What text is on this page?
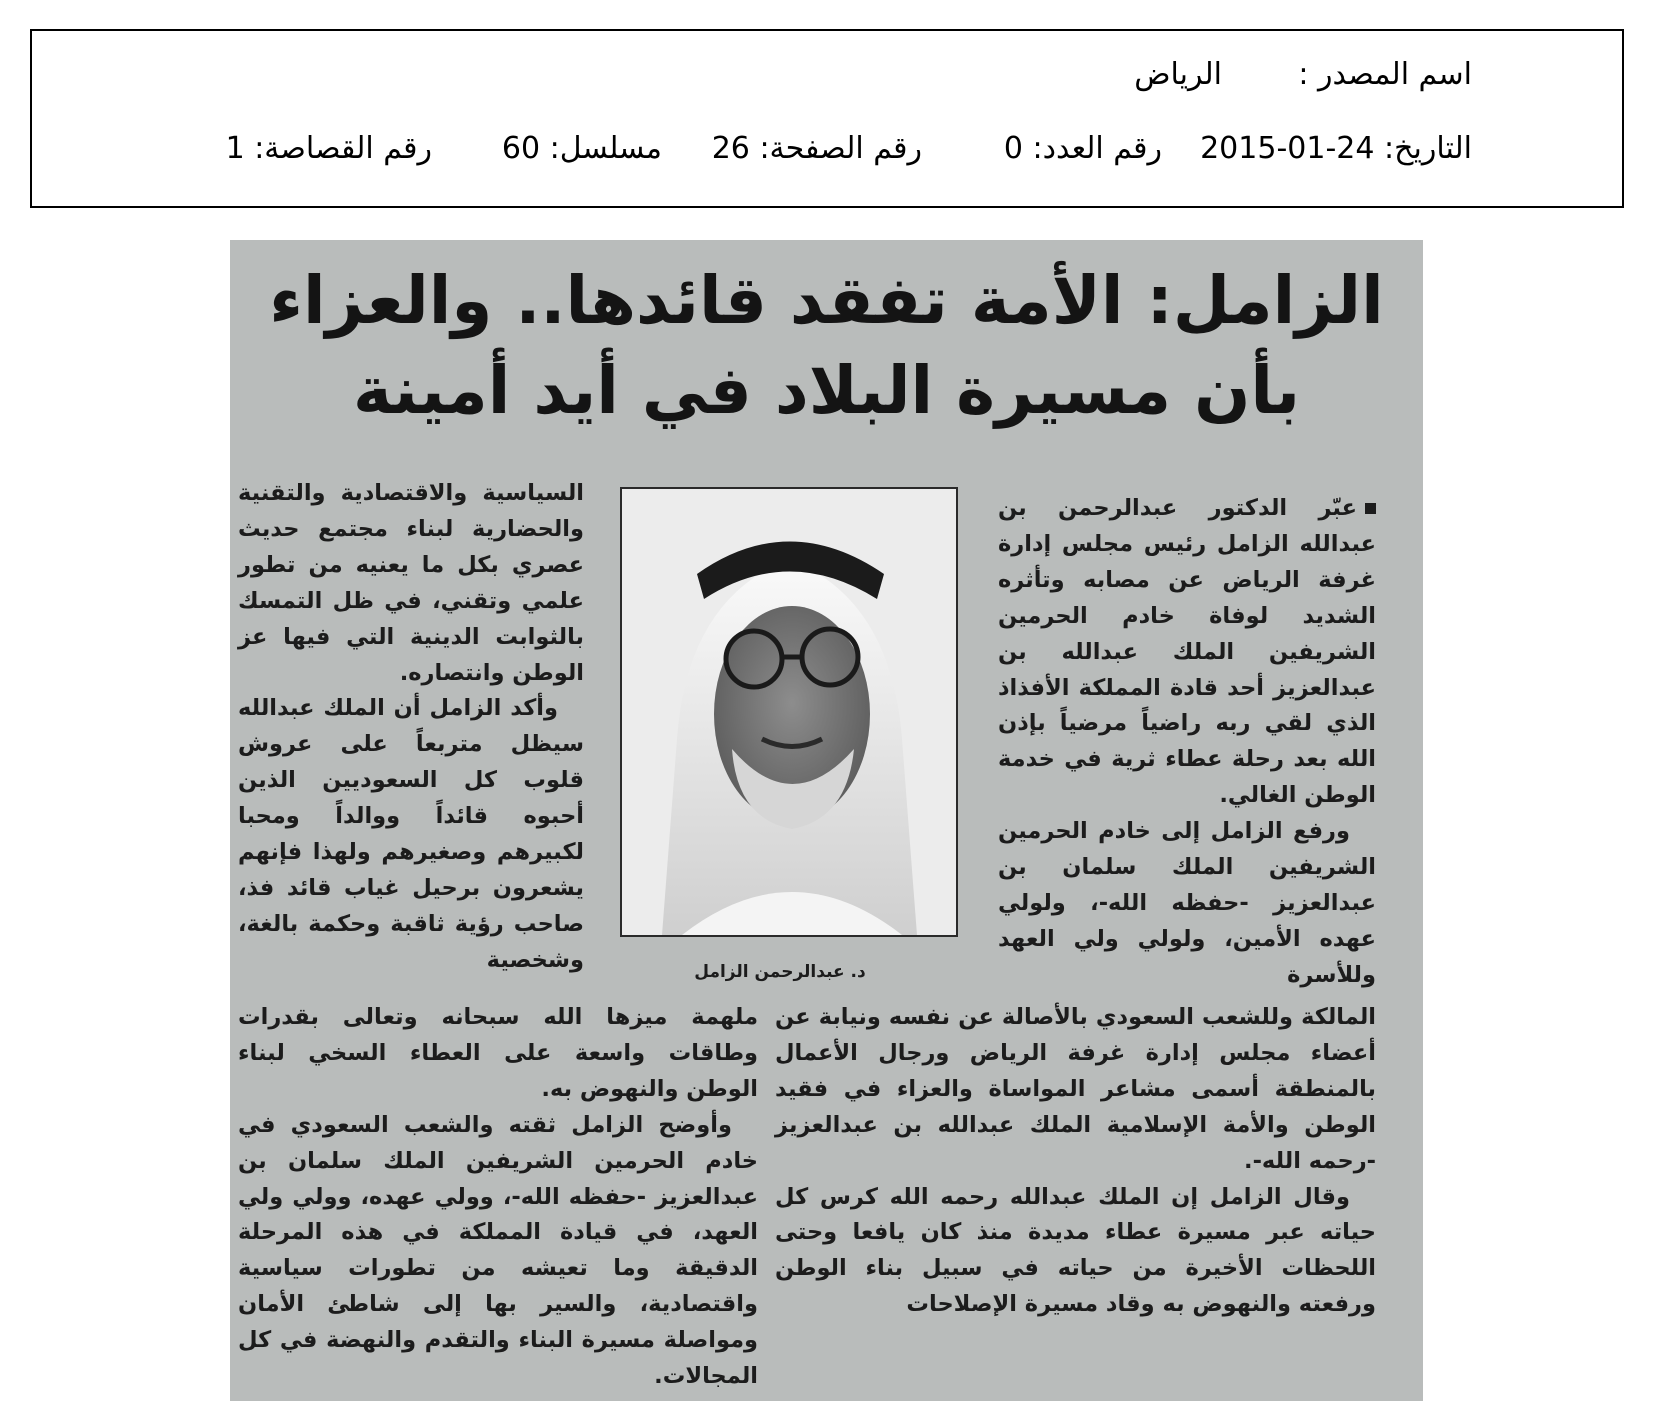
اسم المصدر :
الرياض
التاريخ: 24-01-2015
رقم العدد: 0
رقم الصفحة: 26
مسلسل: 60
رقم القصاصة: 1
الزامل: الأمة تفقد قائدها.. والعزاء
بأن مسيرة البلاد في أيد أمينة

عبّر الدكتور عبدالرحمن بن عبدالله الزامل رئيس مجلس إدارة غرفة الرياض عن مصابه وتأثره الشديد لوفاة خادم الحرمين الشريفين الملك عبدالله بن عبدالعزيز أحد قادة المملكة الأفذاذ الذي لقي ربه راضياً مرضياً بإذن الله بعد رحلة عطاء ثرية في خدمة الوطن الغالي.

ورفع الزامل إلى خادم الحرمين الشريفين الملك سلمان بن عبدالعزيز -حفظه الله-، ولولي عهده الأمين، ولولي ولي العهد وللأسرة

د. عبدالرحمن الزامل

السياسية والاقتصادية والتقنية والحضارية لبناء مجتمع حديث عصري بكل ما يعنيه من تطور علمي وتقني، في ظل التمسك بالثوابت الدينية التي فيها عز الوطن وانتصاره.

وأكد الزامل أن الملك عبدالله سيظل متربعاً على عروش قلوب كل السعوديين الذين أحبوه قائداً ووالداً ومحبا لكبيرهم وصغيرهم ولهذا فإنهم يشعرون برحيل غياب قائد فذ، صاحب رؤية ثاقبة وحكمة بالغة، وشخصية

المالكة وللشعب السعودي بالأصالة عن نفسه ونيابة عن أعضاء مجلس إدارة غرفة الرياض ورجال الأعمال بالمنطقة أسمى مشاعر المواساة والعزاء في فقيد الوطن والأمة الإسلامية الملك عبدالله بن عبدالعزيز -رحمه الله-.

وقال الزامل إن الملك عبدالله رحمه الله كرس كل حياته عبر مسيرة عطاء مديدة منذ كان يافعا وحتى اللحظات الأخيرة من حياته في سبيل بناء الوطن ورفعته والنهوض به وقاد مسيرة الإصلاحات

ملهمة ميزها الله سبحانه وتعالى بقدرات وطاقات واسعة على العطاء السخي لبناء الوطن والنهوض به.

وأوضح الزامل ثقته والشعب السعودي في خادم الحرمين الشريفين الملك سلمان بن عبدالعزيز -حفظه الله-، وولي عهده، وولي ولي العهد، في قيادة المملكة في هذه المرحلة الدقيقة وما تعيشه من تطورات سياسية واقتصادية، والسير بها إلى شاطئ الأمان ومواصلة مسيرة البناء والتقدم والنهضة في كل المجالات.
